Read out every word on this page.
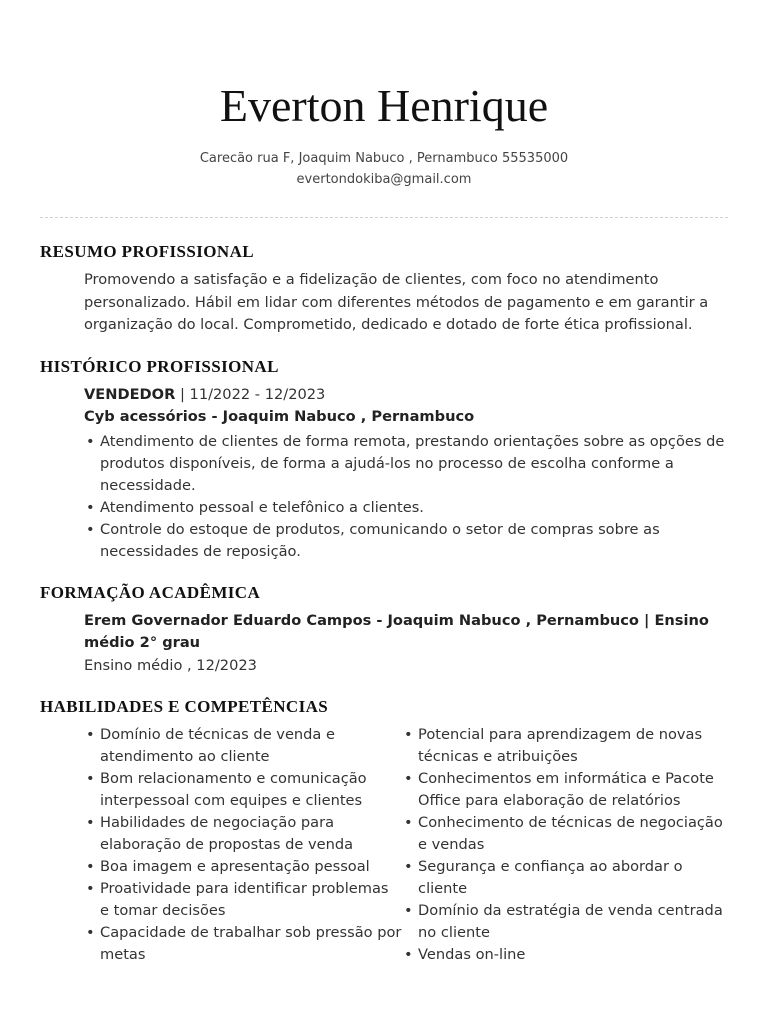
Everton Henrique
Carecão rua F, Joaquim Nabuco , Pernambuco 55535000
evertondokiba@gmail.com
RESUMO PROFISSIONAL
Promovendo a satisfação e a fidelização de clientes, com foco no atendimento personalizado. Hábil em lidar com diferentes métodos de pagamento e em garantir a organização do local. Comprometido, dedicado e dotado de forte ética profissional.
HISTÓRICO PROFISSIONAL
VENDEDOR | 11/2022 - 12/2023
Cyb acessórios - Joaquim Nabuco , Pernambuco
• Atendimento de clientes de forma remota, prestando orientações sobre as opções de produtos disponíveis, de forma a ajudá-los no processo de escolha conforme a necessidade.
• Atendimento pessoal e telefônico a clientes.
• Controle do estoque de produtos, comunicando o setor de compras sobre as necessidades de reposição.
FORMAÇÃO ACADÊMICA
Erem Governador Eduardo Campos - Joaquim Nabuco , Pernambuco | Ensino médio 2° grau
Ensino médio , 12/2023
HABILIDADES E COMPETÊNCIAS
• Domínio de técnicas de venda e atendimento ao cliente
• Bom relacionamento e comunicação interpessoal com equipes e clientes
• Habilidades de negociação para elaboração de propostas de venda
• Boa imagem e apresentação pessoal
• Proatividade para identificar problemas e tomar decisões
• Capacidade de trabalhar sob pressão por metas
• Potencial para aprendizagem de novas técnicas e atribuições
• Conhecimentos em informática e Pacote Office para elaboração de relatórios
• Conhecimento de técnicas de negociação e vendas
• Segurança e confiança ao abordar o cliente
• Domínio da estratégia de venda centrada no cliente
• Vendas on-line
